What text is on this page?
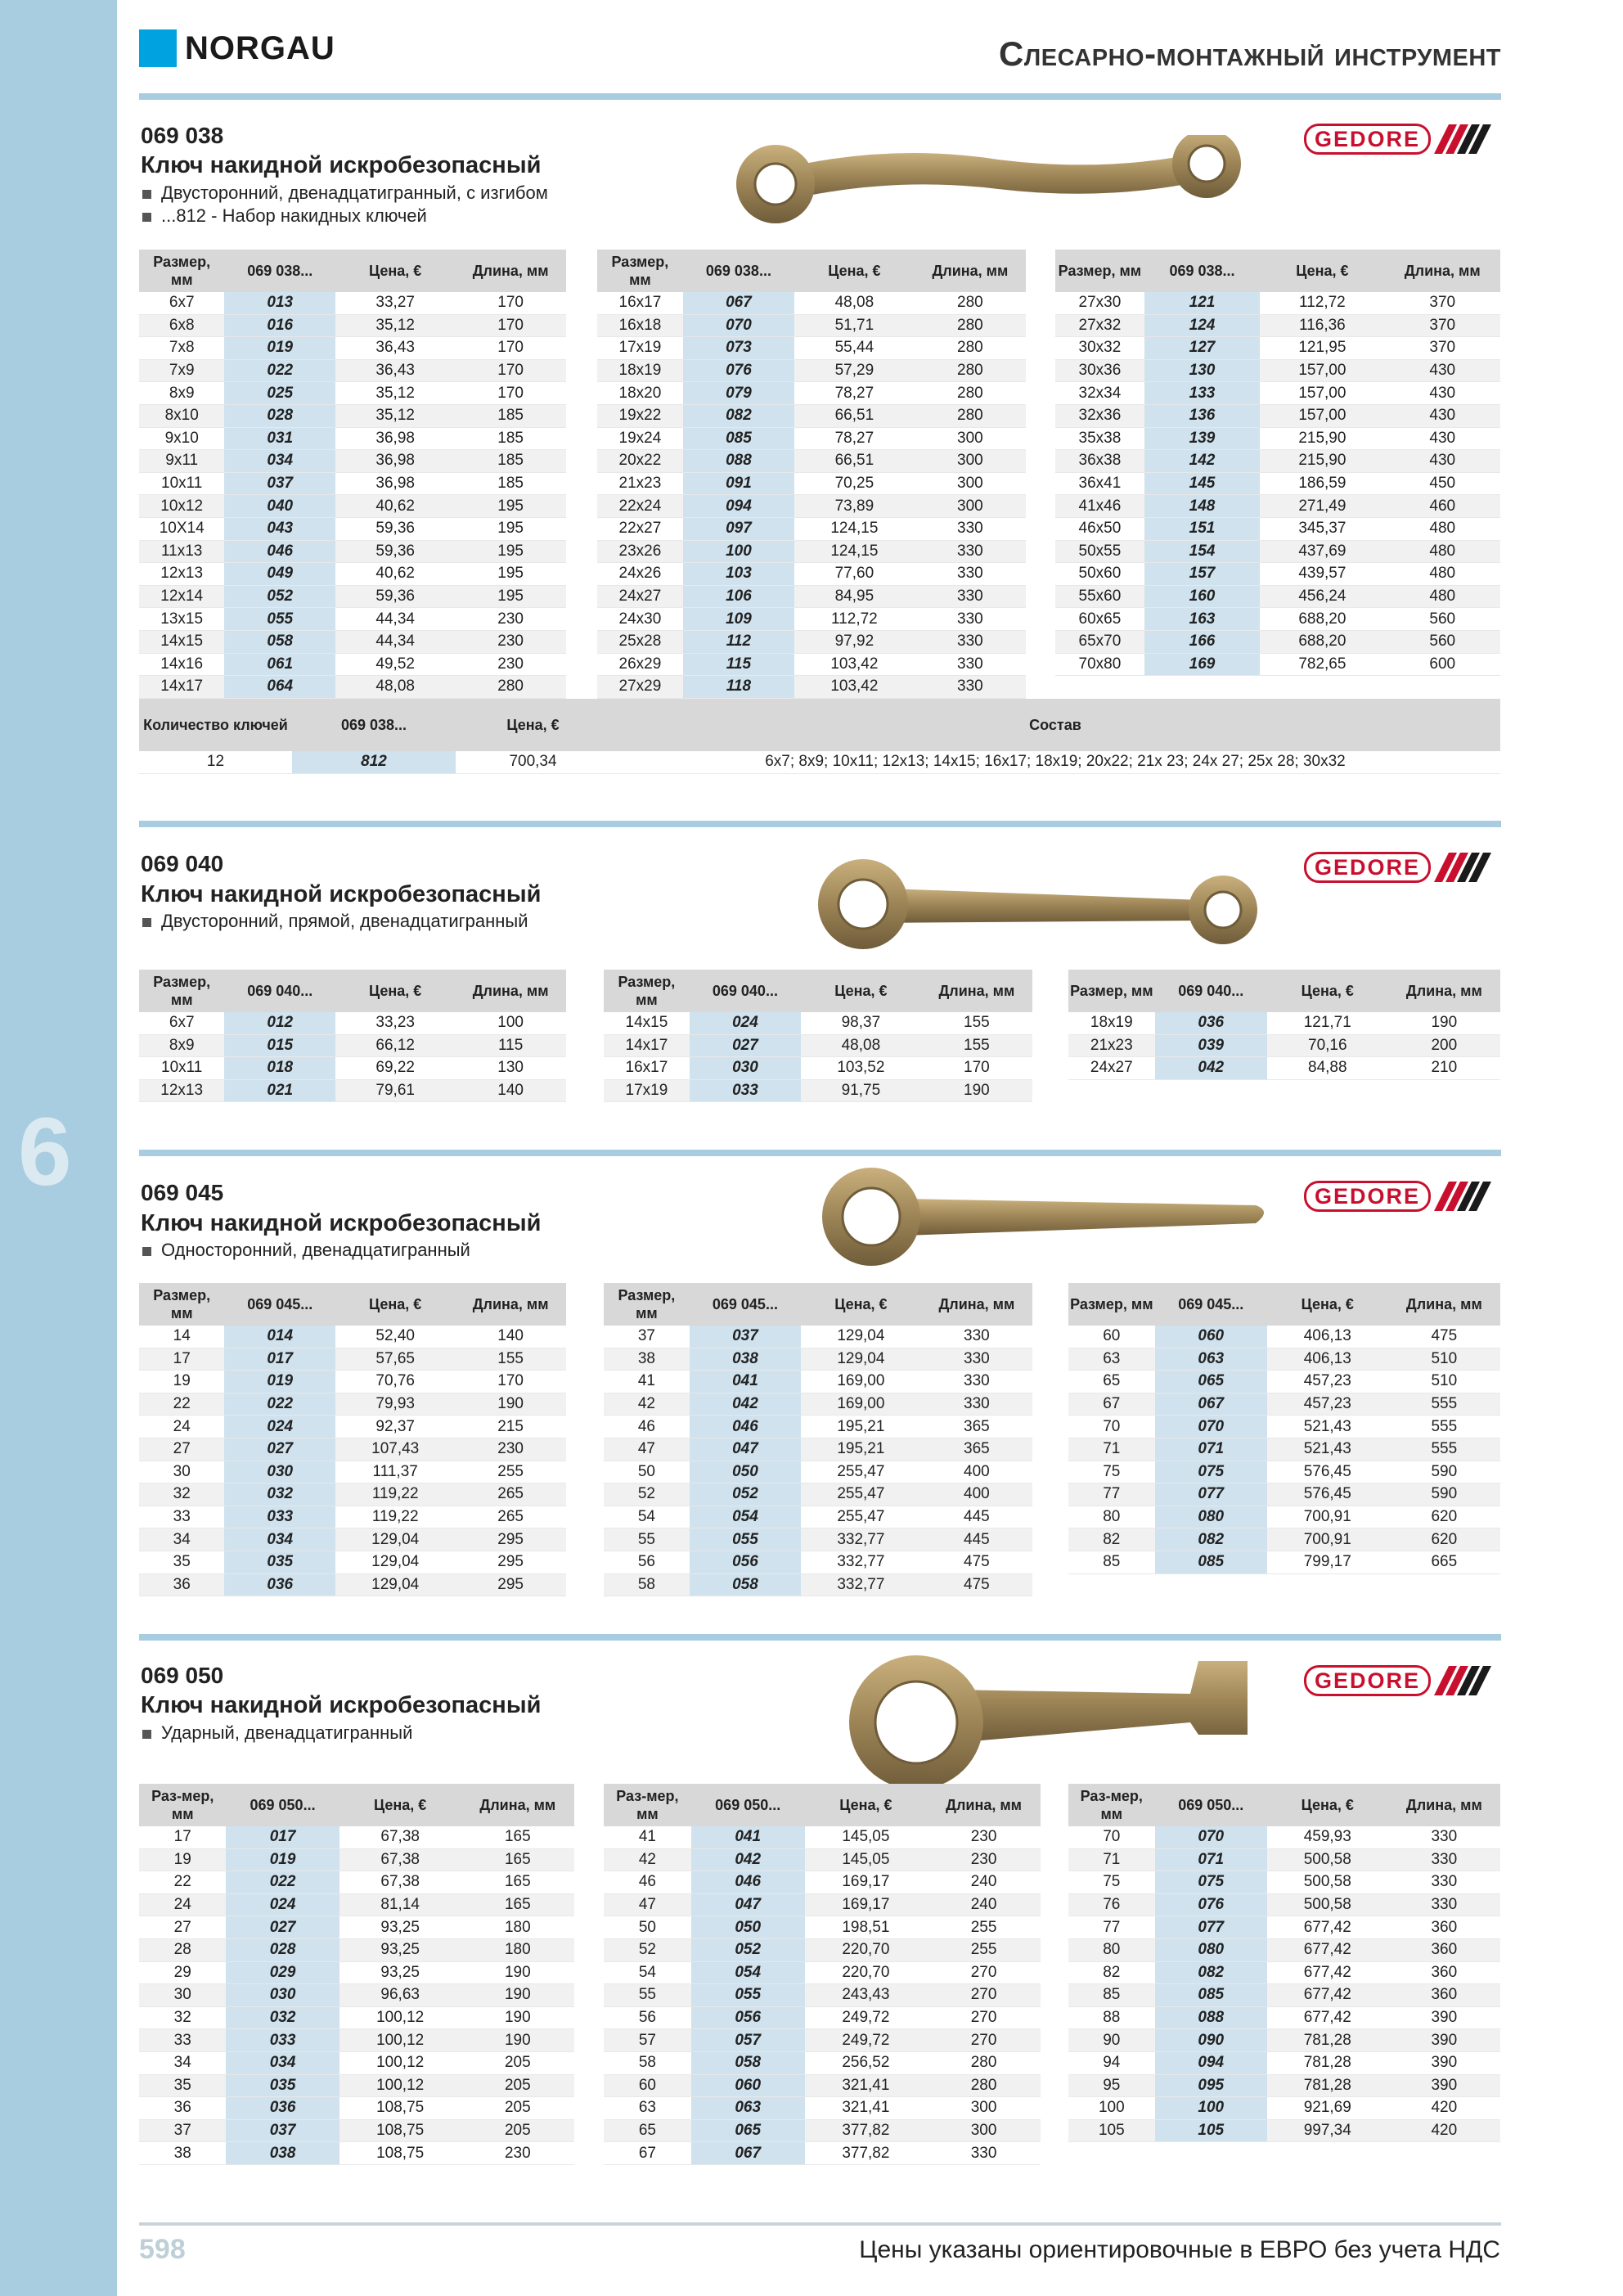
6
NORGAU	Слесарно-монтажный инструмент
069 038
Ключ накидной искробезопасный
Двусторонний, двенадцатигранный, с изгибом
...812 - Набор накидных ключей
GEDORE
Размер, мм	069 038...	Цена, €	Длина, мм
6x7	013	33,27	170
6x8	016	35,12	170
7x8	019	36,43	170
7x9	022	36,43	170
8x9	025	35,12	170
8x10	028	35,12	185
9x10	031	36,98	185
9x11	034	36,98	185
10x11	037	36,98	185
10x12	040	40,62	195
10X14	043	59,36	195
11x13	046	59,36	195
12x13	049	40,62	195
12x14	052	59,36	195
13x15	055	44,34	230
14x15	058	44,34	230
14x16	061	49,52	230
14x17	064	48,08	280
Размер, мм	069 038...	Цена, €	Длина, мм
16x17	067	48,08	280
16x18	070	51,71	280
17x19	073	55,44	280
18x19	076	57,29	280
18x20	079	78,27	280
19x22	082	66,51	280
19x24	085	78,27	300
20x22	088	66,51	300
21x23	091	70,25	300
22x24	094	73,89	300
22x27	097	124,15	330
23x26	100	124,15	330
24x26	103	77,60	330
24x27	106	84,95	330
24x30	109	112,72	330
25x28	112	97,92	330
26x29	115	103,42	330
27x29	118	103,42	330
Размер, мм	069 038...	Цена, €	Длина, мм
27x30	121	112,72	370
27x32	124	116,36	370
30x32	127	121,95	370
30x36	130	157,00	430
32x34	133	157,00	430
32x36	136	157,00	430
35x38	139	215,90	430
36x38	142	215,90	430
36x41	145	186,59	450
41x46	148	271,49	460
46x50	151	345,37	480
50x55	154	437,69	480
50x60	157	439,57	480
55x60	160	456,24	480
60x65	163	688,20	560
65x70	166	688,20	560
70x80	169	782,65	600
Количество ключей	069 038...	Цена, €	Состав
12	812	700,34	6x7; 8x9; 10x11; 12x13; 14x15; 16x17; 18x19; 20x22; 21x 23; 24x 27; 25x 28; 30x32
069 040
Ключ накидной искробезопасный
Двусторонний, прямой, двенадцатигранный
GEDORE
Размер, мм	069 040...	Цена, €	Длина, мм
6x7	012	33,23	100
8x9	015	66,12	115
10x11	018	69,22	130
12x13	021	79,61	140
Размер, мм	069 040...	Цена, €	Длина, мм
14x15	024	98,37	155
14x17	027	48,08	155
16x17	030	103,52	170
17x19	033	91,75	190
Размер, мм	069 040...	Цена, €	Длина, мм
18x19	036	121,71	190
21x23	039	70,16	200
24x27	042	84,88	210
069 045
Ключ накидной искробезопасный
Односторонний, двенадцатигранный
GEDORE
Размер, мм	069 045...	Цена, €	Длина, мм
14	014	52,40	140
17	017	57,65	155
19	019	70,76	170
22	022	79,93	190
24	024	92,37	215
27	027	107,43	230
30	030	111,37	255
32	032	119,22	265
33	033	119,22	265
34	034	129,04	295
35	035	129,04	295
36	036	129,04	295
Размер, мм	069 045...	Цена, €	Длина, мм
37	037	129,04	330
38	038	129,04	330
41	041	169,00	330
42	042	169,00	330
46	046	195,21	365
47	047	195,21	365
50	050	255,47	400
52	052	255,47	400
54	054	255,47	445
55	055	332,77	445
56	056	332,77	475
58	058	332,77	475
Размер, мм	069 045...	Цена, €	Длина, мм
60	060	406,13	475
63	063	406,13	510
65	065	457,23	510
67	067	457,23	555
70	070	521,43	555
71	071	521,43	555
75	075	576,45	590
77	077	576,45	590
80	080	700,91	620
82	082	700,91	620
85	085	799,17	665
069 050
Ключ накидной искробезопасный
Ударный, двенадцатигранный
GEDORE
Раз-мер, мм	069 050...	Цена, €	Длина, мм
17	017	67,38	165
19	019	67,38	165
22	022	67,38	165
24	024	81,14	165
27	027	93,25	180
28	028	93,25	180
29	029	93,25	190
30	030	96,63	190
32	032	100,12	190
33	033	100,12	190
34	034	100,12	205
35	035	100,12	205
36	036	108,75	205
37	037	108,75	205
38	038	108,75	230
Раз-мер, мм	069 050...	Цена, €	Длина, мм
41	041	145,05	230
42	042	145,05	230
46	046	169,17	240
47	047	169,17	240
50	050	198,51	255
52	052	220,70	255
54	054	220,70	270
55	055	243,43	270
56	056	249,72	270
57	057	249,72	270
58	058	256,52	280
60	060	321,41	280
63	063	321,41	300
65	065	377,82	300
67	067	377,82	330
Раз-мер, мм	069 050...	Цена, €	Длина, мм
70	070	459,93	330
71	071	500,58	330
75	075	500,58	330
76	076	500,58	330
77	077	677,42	360
80	080	677,42	360
82	082	677,42	360
85	085	677,42	360
88	088	677,42	390
90	090	781,28	390
94	094	781,28	390
95	095	781,28	390
100	100	921,69	420
105	105	997,34	420
598	Цены указаны ориентировочные в ЕВРО без учета НДС
